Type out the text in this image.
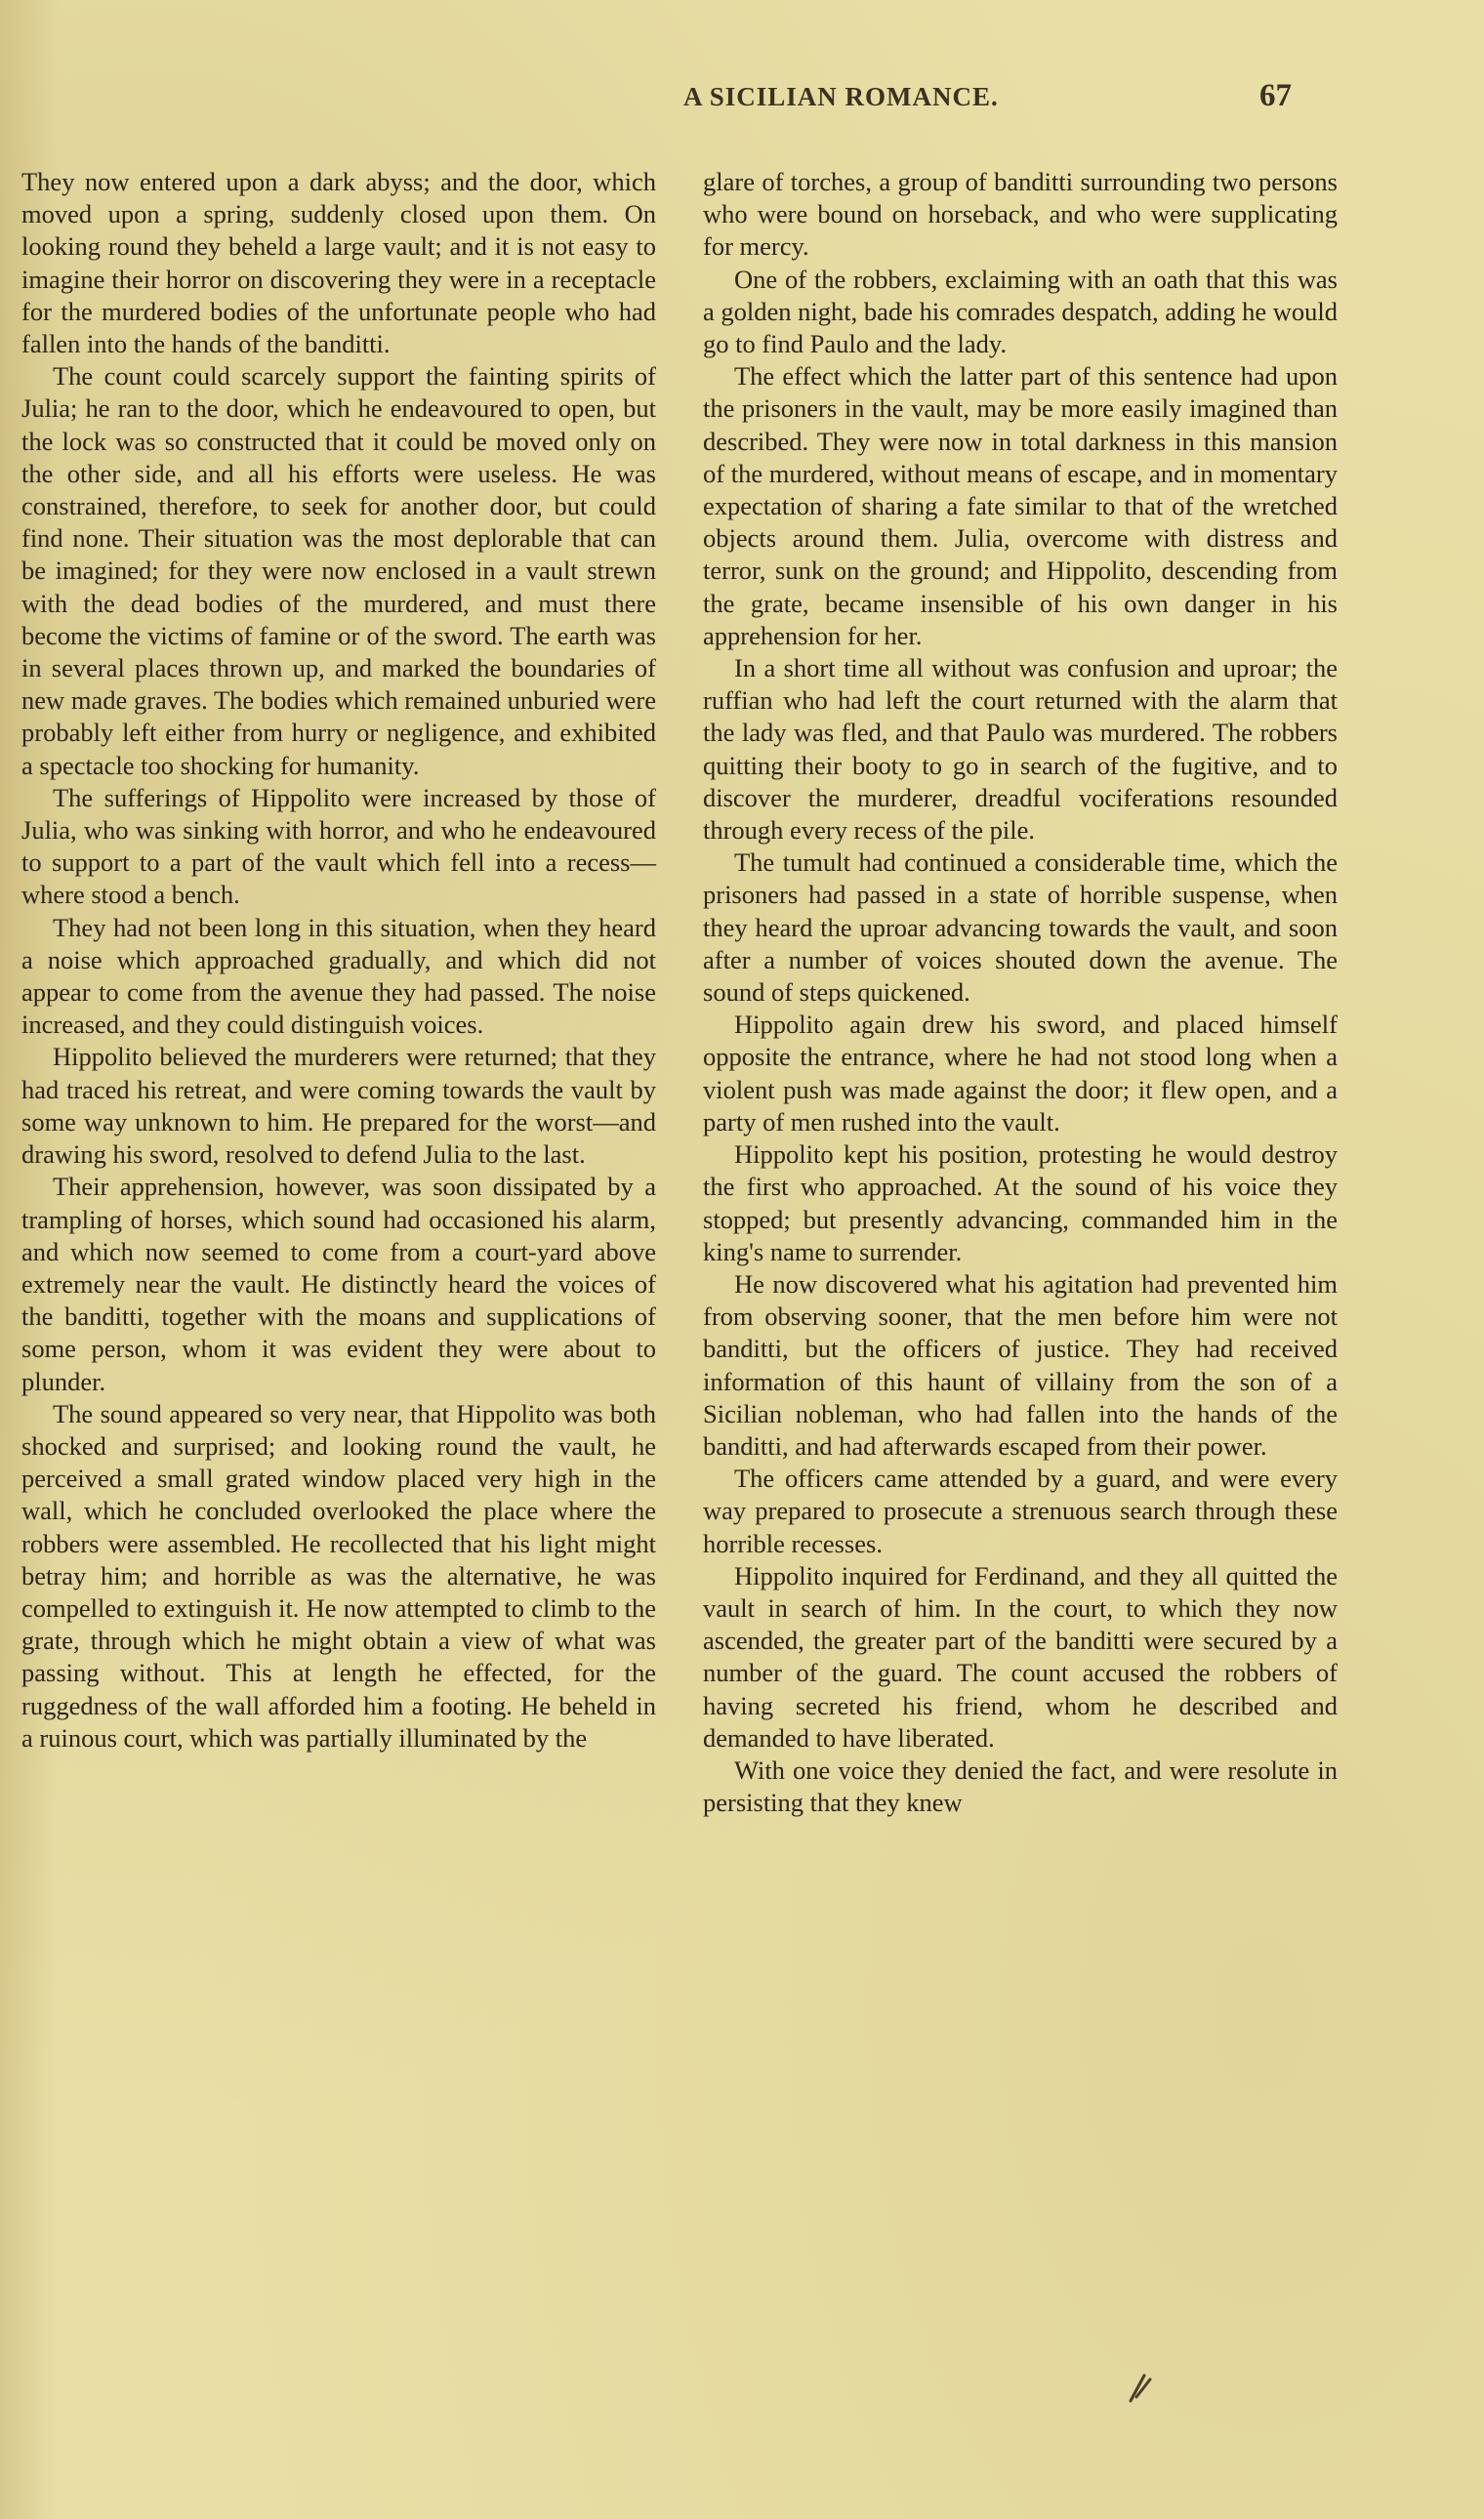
A SICILIAN ROMANCE.	67

They now entered upon a dark abyss; and the door, which moved upon a spring, suddenly closed upon them. On looking round they beheld a large vault; and it is not easy to imagine their horror on discovering they were in a receptacle for the murdered bodies of the unfortunate people who had fallen into the hands of the banditti.

The count could scarcely support the fainting spirits of Julia; he ran to the door, which he endeavoured to open, but the lock was so constructed that it could be moved only on the other side, and all his efforts were useless. He was constrained, therefore, to seek for another door, but could find none. Their situation was the most deplorable that can be imagined; for they were now enclosed in a vault strewn with the dead bodies of the murdered, and must there become the victims of famine or of the sword. The earth was in several places thrown up, and marked the boundaries of new made graves. The bodies which remained unburied were probably left either from hurry or negligence, and exhibited a spectacle too shocking for humanity.

The sufferings of Hippolito were increased by those of Julia, who was sinking with horror, and who he endeavoured to support to a part of the vault which fell into a recess—where stood a bench.

They had not been long in this situation, when they heard a noise which approached gradually, and which did not appear to come from the avenue they had passed. The noise increased, and they could distinguish voices.

Hippolito believed the murderers were returned; that they had traced his retreat, and were coming towards the vault by some way unknown to him. He prepared for the worst—and drawing his sword, resolved to defend Julia to the last.

Their apprehension, however, was soon dissipated by a trampling of horses, which sound had occasioned his alarm, and which now seemed to come from a court-yard above extremely near the vault. He distinctly heard the voices of the banditti, together with the moans and supplications of some person, whom it was evident they were about to plunder.

The sound appeared so very near, that Hippolito was both shocked and surprised; and looking round the vault, he perceived a small grated window placed very high in the wall, which he concluded overlooked the place where the robbers were assembled. He recollected that his light might betray him; and horrible as was the alternative, he was compelled to extinguish it. He now attempted to climb to the grate, through which he might obtain a view of what was passing without. This at length he effected, for the ruggedness of the wall afforded him a footing. He beheld in a ruinous court, which was partially illuminated by the

glare of torches, a group of banditti surrounding two persons who were bound on horseback, and who were supplicating for mercy.

One of the robbers, exclaiming with an oath that this was a golden night, bade his comrades despatch, adding he would go to find Paulo and the lady.

The effect which the latter part of this sentence had upon the prisoners in the vault, may be more easily imagined than described. They were now in total darkness in this mansion of the murdered, without means of escape, and in momentary expectation of sharing a fate similar to that of the wretched objects around them. Julia, overcome with distress and terror, sunk on the ground; and Hippolito, descending from the grate, became insensible of his own danger in his apprehension for her.

In a short time all without was confusion and uproar; the ruffian who had left the court returned with the alarm that the lady was fled, and that Paulo was murdered. The robbers quitting their booty to go in search of the fugitive, and to discover the murderer, dreadful vociferations resounded through every recess of the pile.

The tumult had continued a considerable time, which the prisoners had passed in a state of horrible suspense, when they heard the uproar advancing towards the vault, and soon after a number of voices shouted down the avenue. The sound of steps quickened.

Hippolito again drew his sword, and placed himself opposite the entrance, where he had not stood long when a violent push was made against the door; it flew open, and a party of men rushed into the vault.

Hippolito kept his position, protesting he would destroy the first who approached. At the sound of his voice they stopped; but presently advancing, commanded him in the king's name to surrender.

He now discovered what his agitation had prevented him from observing sooner, that the men before him were not banditti, but the officers of justice. They had received information of this haunt of villainy from the son of a Sicilian nobleman, who had fallen into the hands of the banditti, and had afterwards escaped from their power.

The officers came attended by a guard, and were every way prepared to prosecute a strenuous search through these horrible recesses.

Hippolito inquired for Ferdinand, and they all quitted the vault in search of him. In the court, to which they now ascended, the greater part of the banditti were secured by a number of the guard. The count accused the robbers of having secreted his friend, whom he described and demanded to have liberated.

With one voice they denied the fact, and were resolute in persisting that they knew
